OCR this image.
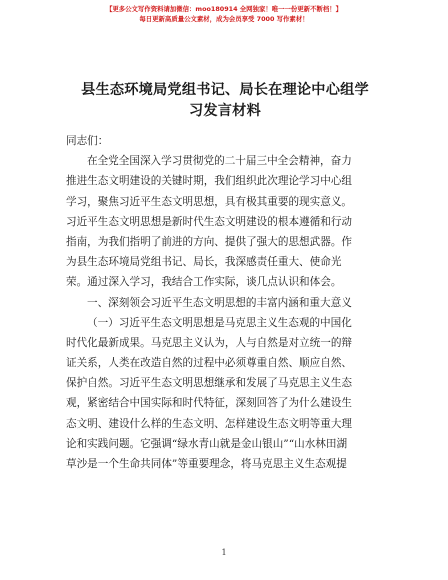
【更多公文写作资料请加微信：moo180914 全网独家！唯一一份更新不断档！】
每日更新高质量公文素材，成为会员享受 7000 写作素材！
县生态环境局党组书记、局长在理论中心组学
习发言材料
同志们：
在全党全国深入学习贯彻党的二十届三中全会精神，奋力
推进生态文明建设的关键时期，我们组织此次理论学习中心组
学习，聚焦习近平生态文明思想，具有极其重要的现实意义。
习近平生态文明思想是新时代生态文明建设的根本遵循和行动
指南，为我们指明了前进的方向、提供了强大的思想武器。作
为县生态环境局党组书记、局长，我深感责任重大、使命光
荣。通过深入学习，我结合工作实际，谈几点认识和体会。
一、深刻领会习近平生态文明思想的丰富内涵和重大意义
（一）习近平生态文明思想是马克思主义生态观的中国化
时代化最新成果。马克思主义认为，人与自然是对立统一的辩
证关系，人类在改造自然的过程中必须尊重自然、顺应自然、
保护自然。习近平生态文明思想继承和发展了马克思主义生态
观，紧密结合中国实际和时代特征，深刻回答了为什么建设生
态文明、建设什么样的生态文明、怎样建设生态文明等重大理
论和实践问题。它强调“绿水青山就是金山银山”“山水林田湖
草沙是一个生命共同体”等重要理念，将马克思主义生态观提
1
